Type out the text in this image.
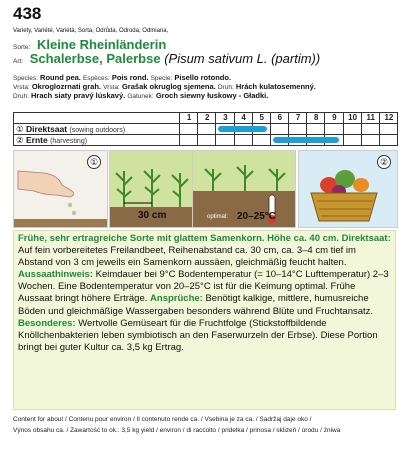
438
Variety, Variété, Varietà, Sorta, Odrůda, Odroda, Odmiana,
Sorte: Kleine Rheinländerin
Art: Schalerbse, Palerbse (Pisum sativum L. (partim))
Species: Round pea. Espèces: Pois rond. Specie: Pisello rotondo.
Vrsta: Okroglozrnati grah. Vrsta: Grašak okruglog sjemena. Druh: Hrách kulatosemenný.
Druh: Hrach siaty pravý lúskavý. Gatunek: Groch siewny łuskowy - Gładki.
1	2	3	4	5	6	7	8	9	10	11	12
① Direktsaat (sowing outdoors)
② Ernte (harvesting)
①
30 cm	optimal: 20–25°C
②

Frühe, sehr ertragreiche Sorte mit glattem Samenkorn. Höhe ca. 40 cm. Direktsaat: Auf fein vorbereitetes Freilandbeet, Reihenabstand ca. 30 cm, ca. 3–4 cm tief im Abstand von 3 cm jeweils ein Samenkorn aussäen, gleichmäßig feucht halten. Aussaathinweis: Keimdauer bei 9°C Bodentemperatur (= 10–14°C Lufttemperatur) 2–3 Wochen. Eine Bodentemperatur von 20–25°C ist für die Keimung optimal. Frühe Aussaat bringt höhere Erträge. Ansprüche: Benötigt kalkige, mittlere, humusreiche Böden und gleichmäßige Wassergaben besonders während Blüte und Fruchtansatz. Besonderes: Wertvolle Gemüseart für die Fruchtfolge (Stickstoffbildende Knöllchenbakterien leben symbiotisch an den Faserwurzeln der Erbse). Diese Portion bringt bei guter Kultur ca. 3,5 kg Ertrag.

Content for about / Contenu pour environ / Il contenuto rende ca. / Vsebina je za ca. / Sadržaj daje oko /
Výnos obsahu ca. / Zawartość to ok.: 3,5 kg yield / environ / di raccolto / pridelka / prinosa / sklizeň / úrodu / żniwa
